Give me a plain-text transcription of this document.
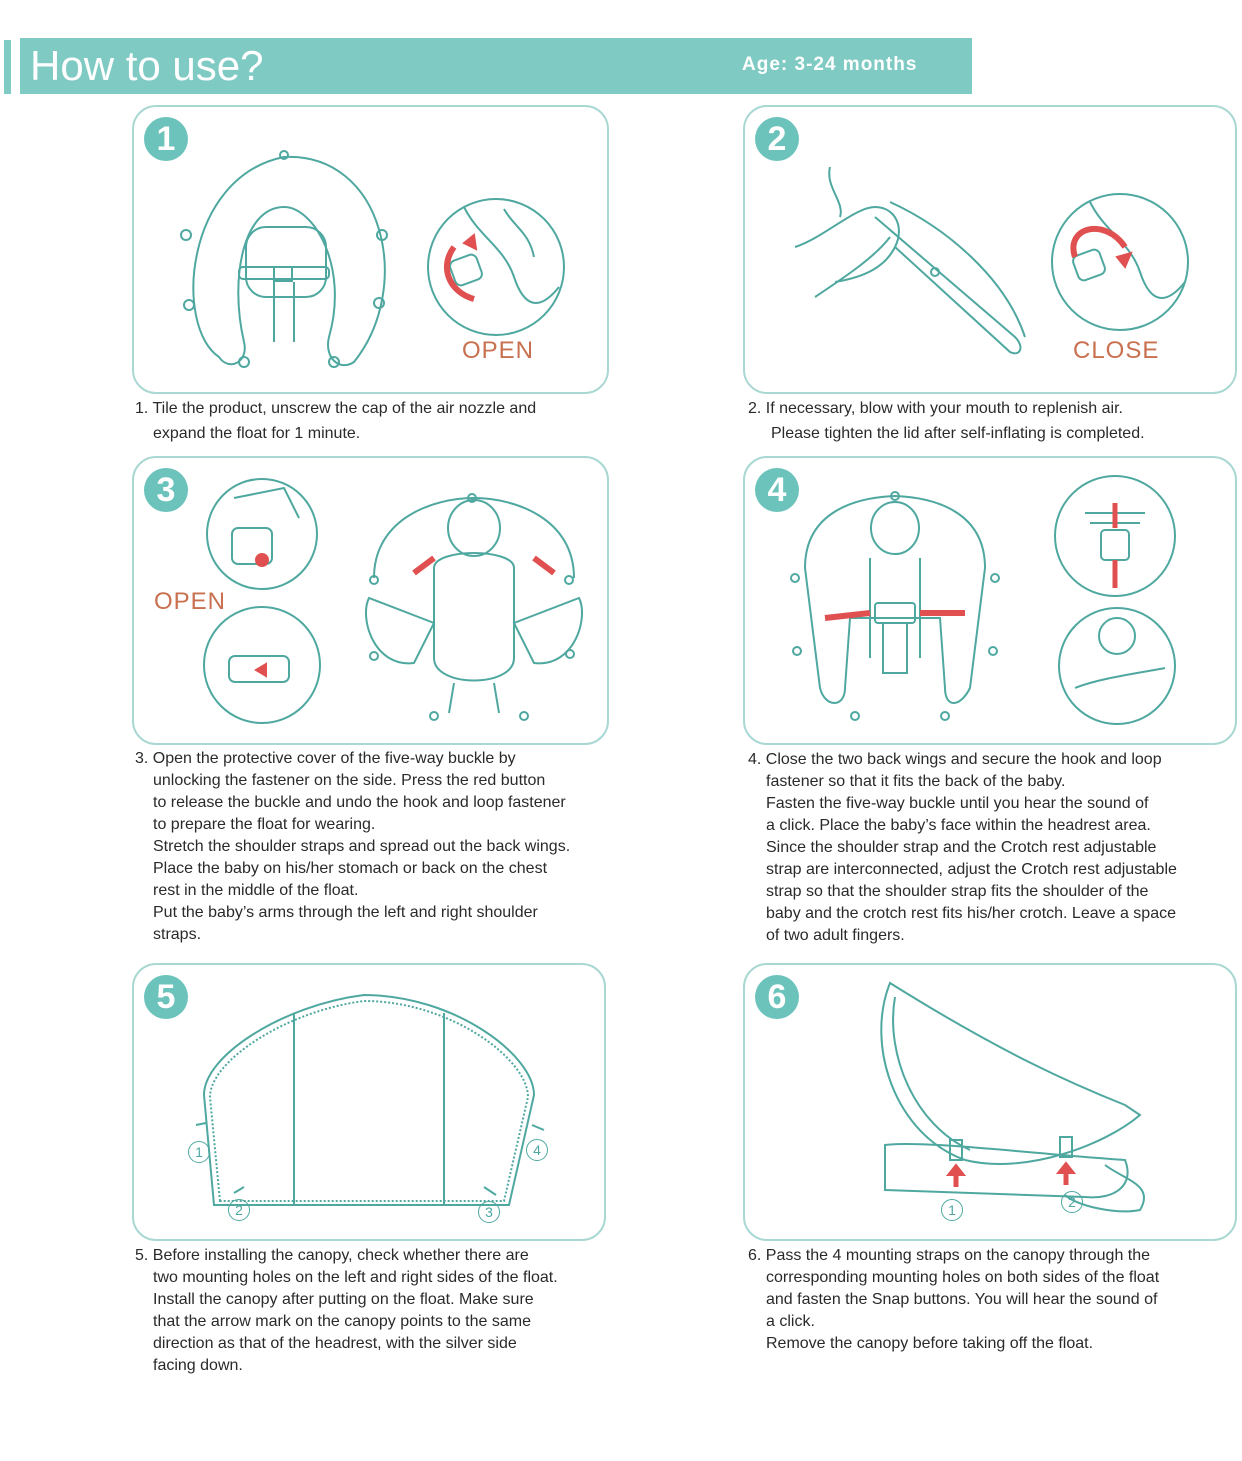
How to use?	Age: 3-24 months
1
OPEN
2
CLOSE
1. Tile the product, unscrew the cap of the air nozzle and
expand the float for 1 minute.
2. If necessary, blow with your mouth to replenish air.
Please tighten the lid after self-inflating is completed.
3
OPEN
4
3. Open the protective cover of the five-way buckle by
unlocking the fastener on the side. Press the red button
to release the buckle and undo the hook and loop fastener
to prepare the float for wearing.
Stretch the shoulder straps and spread out the back wings.
Place the baby on his/her stomach or back on the chest
rest in the middle of the float.
Put the baby’s arms through the left and right shoulder
straps.
4. Close the two back wings and secure the hook and loop
fastener so that it fits the back of the baby.
Fasten the five-way buckle until you hear the sound of
a click. Place the baby’s face within the headrest area.
Since the shoulder strap and the Crotch rest adjustable
strap are interconnected, adjust the Crotch rest adjustable
strap so that the shoulder strap fits the shoulder of the
baby and the crotch rest fits his/her crotch. Leave a space
of two adult fingers.
5
1
2	3
4
6
1	2
5. Before installing the canopy, check whether there are
two mounting holes on the left and right sides of the float.
Install the canopy after putting on the float. Make sure
that the arrow mark on the canopy points to the same
direction as that of the headrest, with the silver side
facing down.
6. Pass the 4 mounting straps on the canopy through the
corresponding mounting holes on both sides of the float
and fasten the Snap buttons. You will hear the sound of
a click.
Remove the canopy before taking off the float.
